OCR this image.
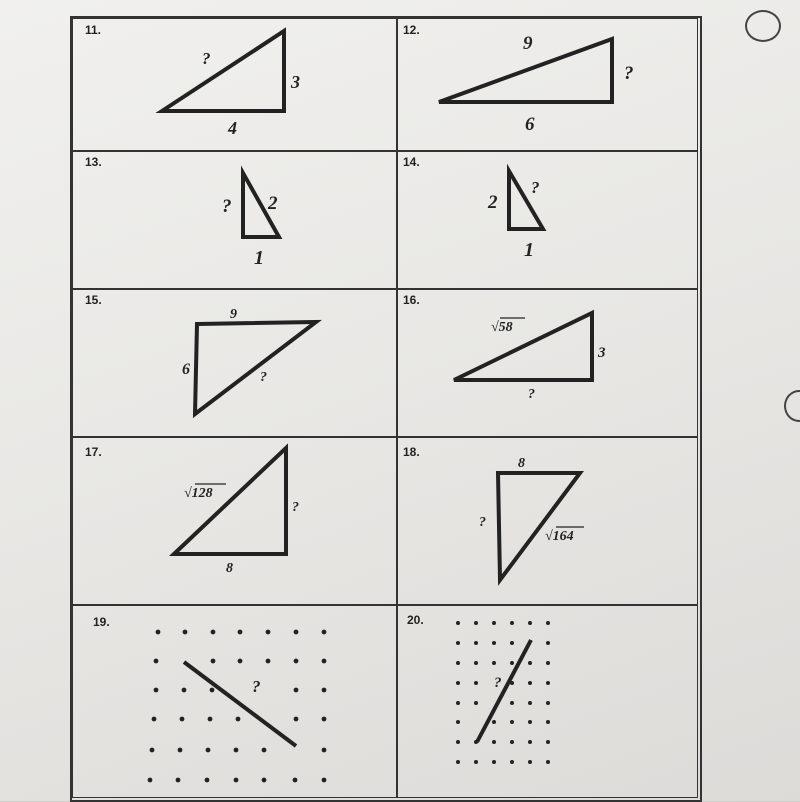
11.	12.
13.	14.
15.	16.
17.	18.
19.	20.
?
3
4
9
?
6
? 2
1
2
?
1
9
6	?
√58
3
?
√128
?
8
8
?
√164
?	?
